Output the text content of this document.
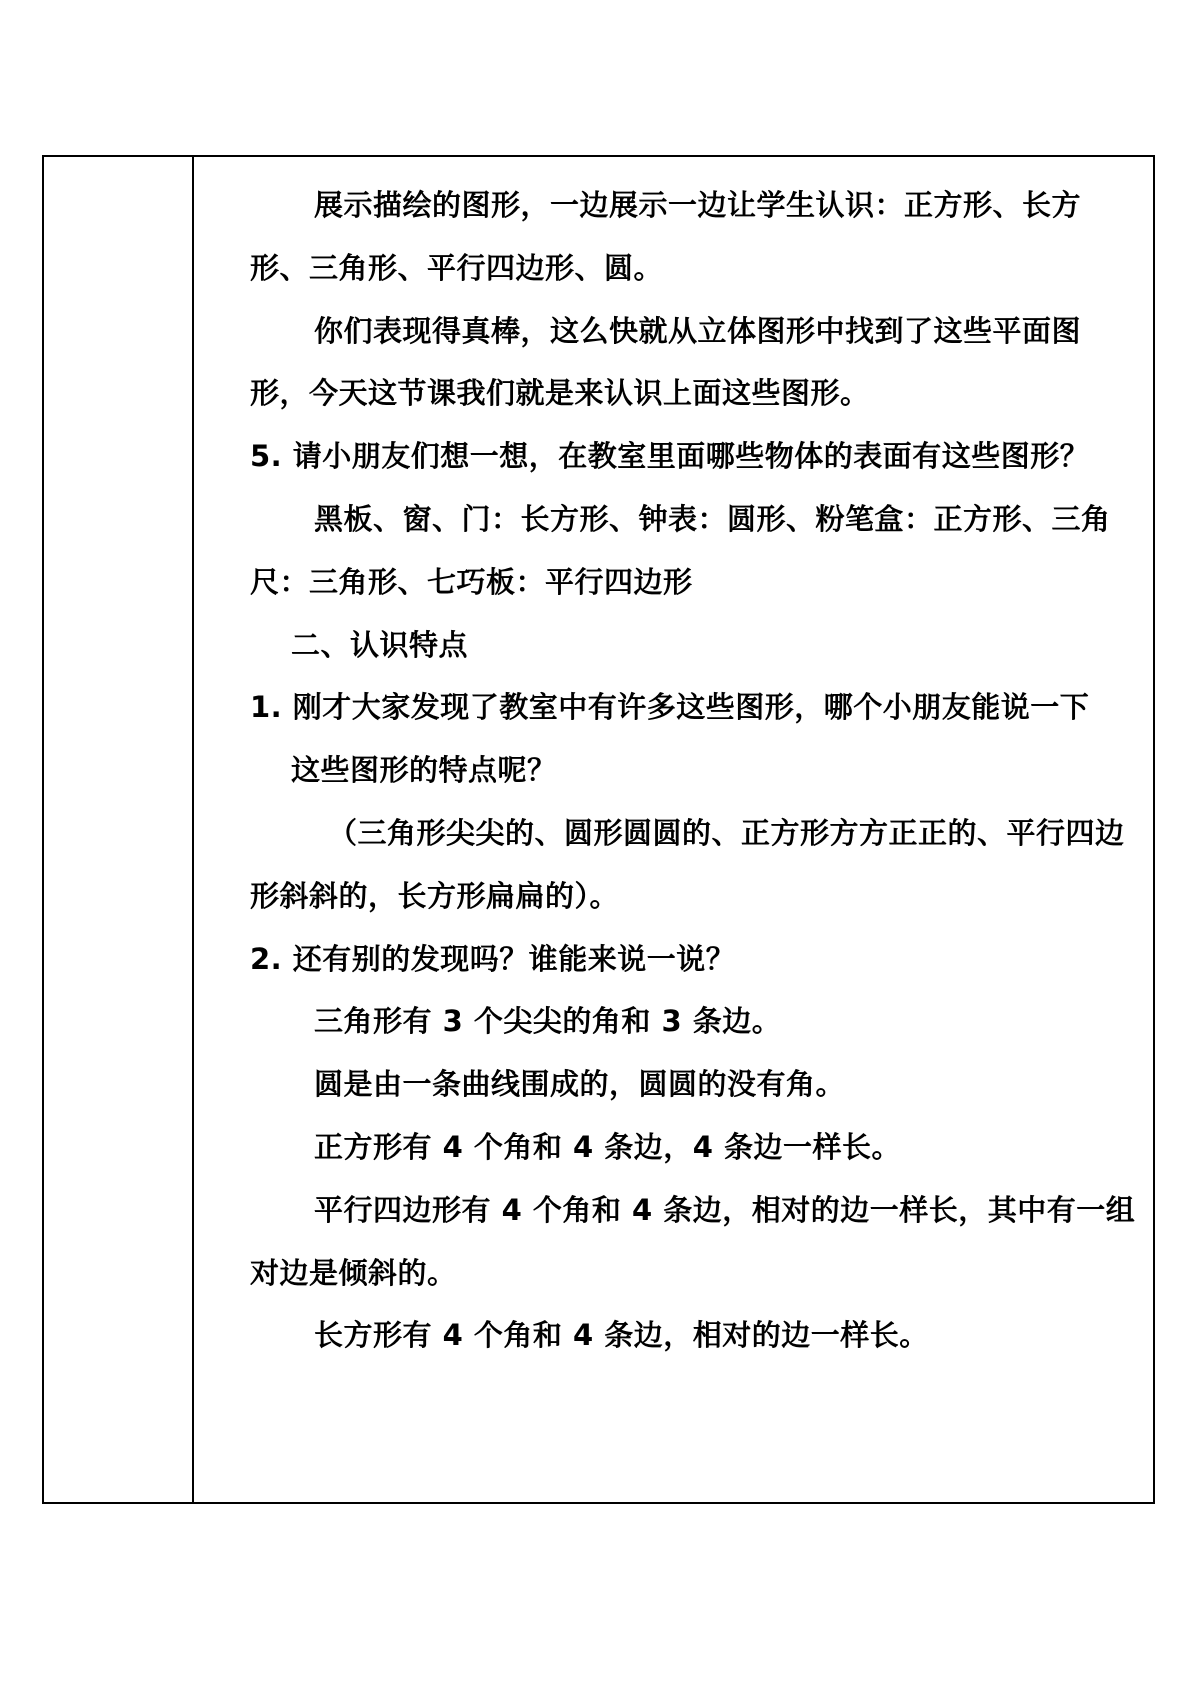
展示描绘的图形，一边展示一边让学生认识：正方形、长方
形、三角形、平行四边形、圆。
你们表现得真棒，这么快就从立体图形中找到了这些平面图
形，今天这节课我们就是来认识上面这些图形。
5. 请小朋友们想一想，在教室里面哪些物体的表面有这些图形？
黑板、窗、门：长方形、钟表：圆形、粉笔盒：正方形、三角
尺：三角形、七巧板：平行四边形
二、认识特点
1. 刚才大家发现了教室中有许多这些图形，哪个小朋友能说一下
这些图形的特点呢？
（三角形尖尖的、圆形圆圆的、正方形方方正正的、平行四边
形斜斜的，长方形扁扁的）。
2. 还有别的发现吗？谁能来说一说？
三角形有 3 个尖尖的角和 3 条边。
圆是由一条曲线围成的，圆圆的没有角。
正方形有 4 个角和 4 条边，4 条边一样长。
平行四边形有 4 个角和 4 条边，相对的边一样长，其中有一组
对边是倾斜的。
长方形有 4 个角和 4 条边，相对的边一样长。
